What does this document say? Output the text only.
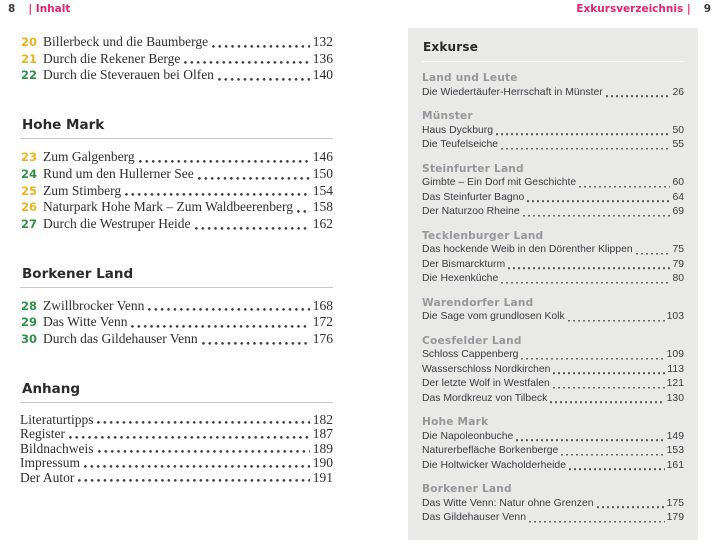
8 | Inhalt	Exkursverzeichnis | 9
20 Billerbeck und die Baumberge	132
21 Durch die Rekener Berge	136
22 Durch die Steverauen bei Olfen	140
Hohe Mark
23 Zum Galgenberg	146
24 Rund um den Hullerner See	150
25 Zum Stimberg	154
26 Naturpark Hohe Mark – Zum Waldbeerenberg 158
27 Durch die Westruper Heide	162
Borkener Land
28 Zwillbrocker Venn	168
29 Das Witte Venn	172
30 Durch das Gildehauser Venn	176
Anhang
Literaturtipps	182
Register	187
Bildnachweis	189
Impressum	190
Der Autor	191
Exkurse
Land und Leute
Die Wiedertäufer-Herrschaft in Münster	26
Münster
Haus Dyckburg	50
Die Teufelseiche	55
Steinfurter Land
Gimbte – Ein Dorf mit Geschichte	60
Das Steinfurter Bagno	64
Der Naturzoo Rheine	69
Tecklenburger Land
Das hockende Weib in den Dörenther Klippen	75
Der Bismarckturm	79
Die Hexenküche	80
Warendorfer Land
Die Sage vom grundlosen Kolk	103
Coesfelder Land
Schloss Cappenberg	109
Wasserschloss Nordkirchen	113
Der letzte Wolf in Westfalen	121
Das Mordkreuz von Tilbeck	130
Hohe Mark
Die Napoleonbuche	149
Naturerbefläche Borkenberge	153
Die Holtwicker Wacholderheide	161
Borkener Land
Das Witte Venn: Natur ohne Grenzen	175
Das Gildehauser Venn	179
